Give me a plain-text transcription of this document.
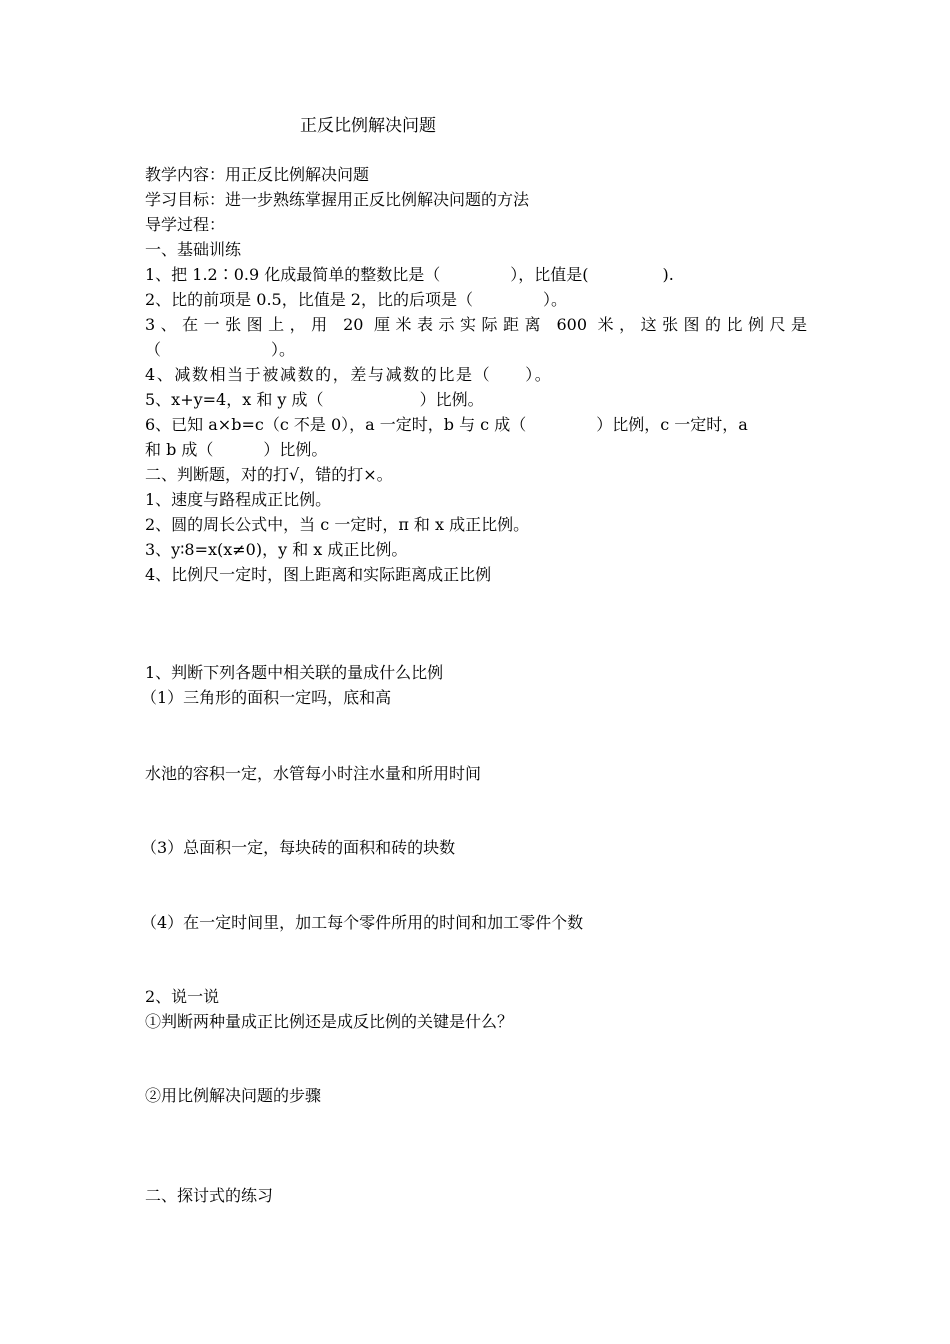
正反比例解决问题
教学内容：用正反比例解决问题
学习目标：进一步熟练掌握用正反比例解决问题的方法
导学过程：
一、基础训练
1、把 1.2∶0.9 化成最简单的整数比是（	），比值是(	).
2、比的前项是 0.5，比值是 2，比的后项是（	）。
3、在一张图上，用 20 厘米表示实际距离 600 米，这张图的比例尺是
（	）。
4、减数相当于被减数的，差与减数的比是（ ）。
5、x+y=4，x 和 y 成（	）比例。
6、已知 a×b=c（c 不是 0），a 一定时，b 与 c 成（	）比例，c 一定时，a
和 b 成（	）比例。
二、判断题，对的打√，错的打×。
1、速度与路程成正比例。
2、圆的周长公式中，当 c 一定时，π 和 x 成正比例。
3、y∶8=x(x≠0)，y 和 x 成正比例。
4、比例尺一定时，图上距离和实际距离成正比例
1、判断下列各题中相关联的量成什么比例
（1）三角形的面积一定吗，底和高
水池的容积一定，水管每小时注水量和所用时间
（3）总面积一定，每块砖的面积和砖的块数
（4）在一定时间里，加工每个零件所用的时间和加工零件个数
2、说一说
①判断两种量成正比例还是成反比例的关键是什么？
②用比例解决问题的步骤
二、探讨式的练习
